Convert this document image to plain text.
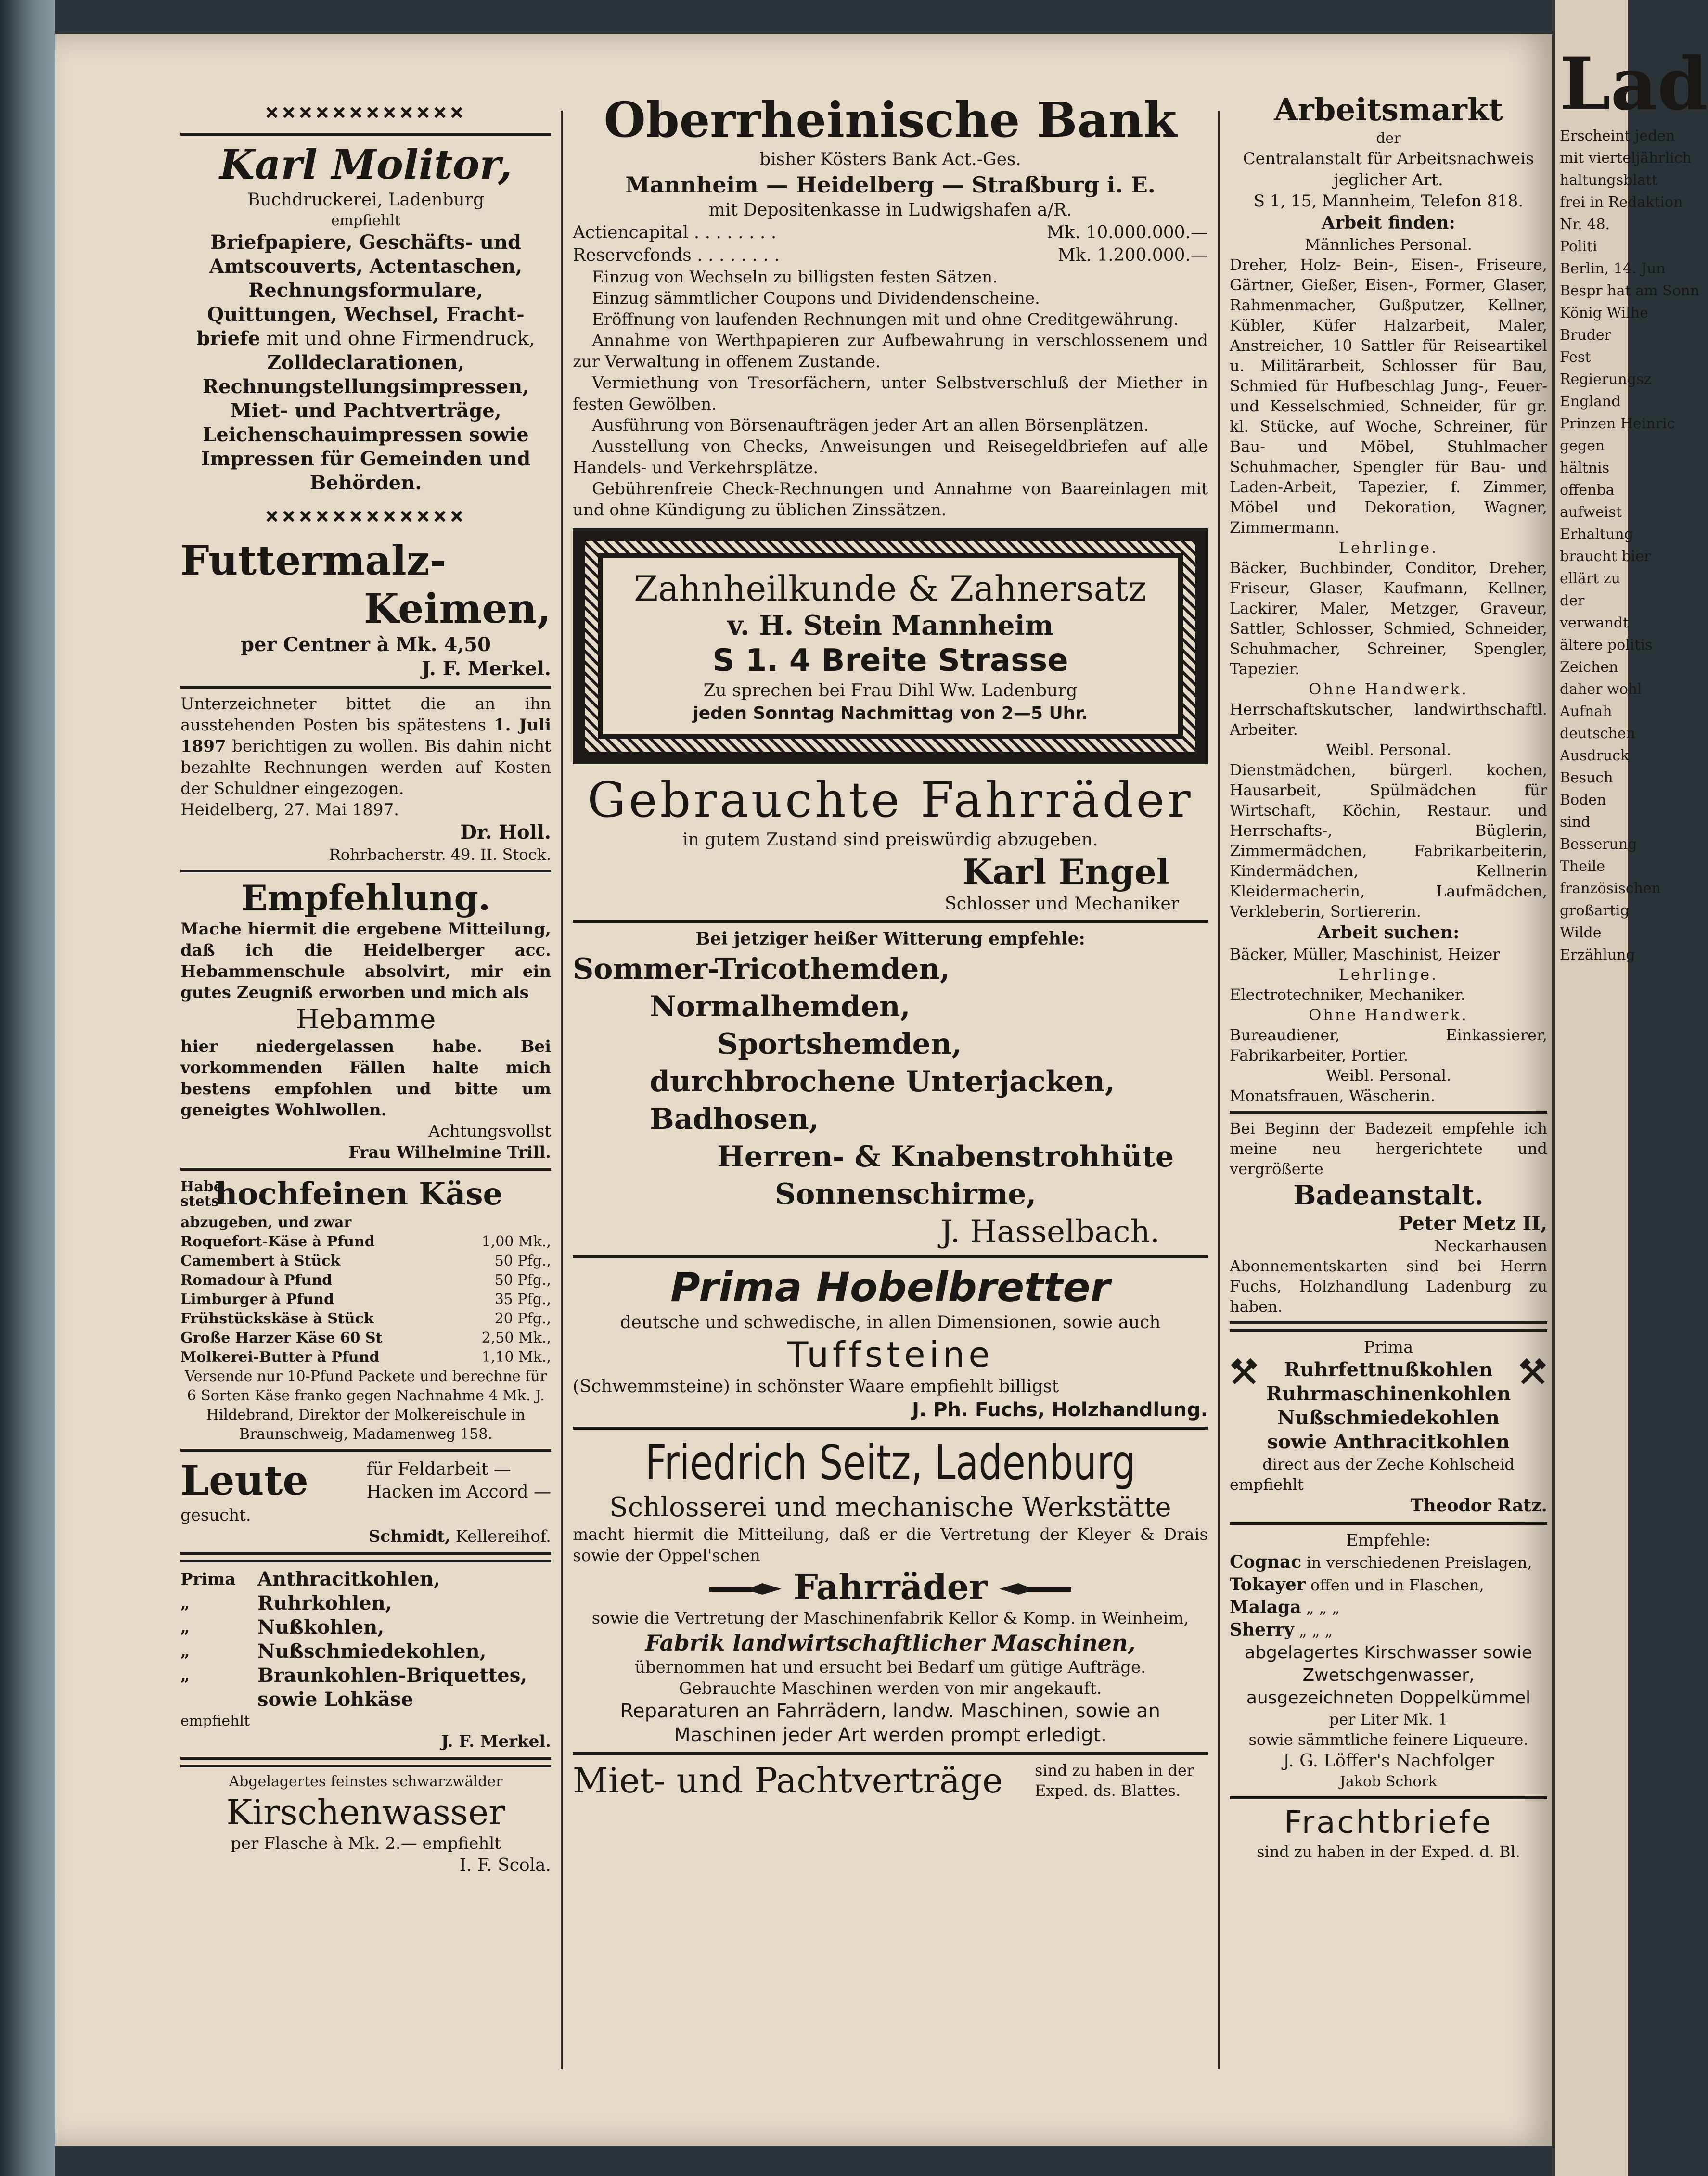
××××××××××××
Karl Molitor,
Buchdruckerei, Ladenburg
empfiehlt
Briefpapiere, Geschäfts- und Amtscouverts, Actentaschen, Rechnungsformulare, Quittungen, Wechsel, Fracht-
briefe mit und ohne Firmendruck,
Zolldeclarationen, Rechnungstellungsimpressen, Miet- und Pachtverträge, Leichenschauimpressen sowie Impressen für Gemeinden und Behörden.
××××××××××××
Futtermalz-
Keimen,
per Centner à Mk. 4,50
J. F. Merkel.
Unterzeichneter bittet die an ihn ausstehenden Posten bis spätestens 1. Juli 1897 berichtigen zu wollen. Bis dahin nicht bezahlte Rechnungen werden auf Kosten der Schuldner eingezogen.
Heidelberg, 27. Mai 1897.
Dr. Holl.
Rohrbacherstr. 49. II. Stock.
Empfehlung.
Mache hiermit die ergebene Mitteilung, daß ich die Heidelberger acc. Hebammenschule absolvirt, mir ein gutes Zeugniß erworben und mich als
Hebamme
hier niedergelassen habe. Bei vorkommenden Fällen halte mich bestens empfohlen und bitte um geneigtes Wohlwollen.
Achtungsvollst
Frau Wilhelmine Trill.
Habe stets
hochfeinen Käse
abzugeben, und zwar
Roquefort-Käse à Pfund	1,00 Mk.,
Camembert à Stück	50 Pfg.,
Romadour à Pfund	50 Pfg.,
Limburger à Pfund	35 Pfg.,
Frühstückskäse à Stück	20 Pfg.,
Große Harzer Käse 60 St	2,50 Mk.,
Molkerei-Butter à Pfund	1,10 Mk.,
Versende nur 10-Pfund Packete und berechne für 6 Sorten Käse franko gegen Nachnahme 4 Mk. J. Hildebrand, Direktor der Molkereischule in Braunschweig, Madamenweg 158.
Leute	für Feldarbeit —
Hacken im Accord —
gesucht.
Schmidt, Kellereihof.
Prima	Anthracitkohlen,
„	Ruhrkohlen,
„	Nußkohlen,
„	Nußschmiedekohlen,
„	Braunkohlen-Briquettes,
sowie Lohkäse
empfiehlt
J. F. Merkel.
Abgelagertes feinstes schwarzwälder
Kirschenwasser
per Flasche à Mk. 2.— empfiehlt
I. F. Scola.
Oberrheinische Bank
bisher Kösters Bank Act.-Ges.
Mannheim — Heidelberg — Straßburg i. E.
mit Depositenkasse in Ludwigshafen a/R.
Actiencapital . . . . . . . .	Mk. 10.000.000.—
Reservefonds . . . . . . . .	Mk. 1.200.000.—
Einzug von Wechseln zu billigsten festen Sätzen.
Einzug sämmtlicher Coupons und Dividendenscheine.
Eröffnung von laufenden Rechnungen mit und ohne Creditgewährung.
Annahme von Werthpapieren zur Aufbewahrung in verschlossenem und zur Verwaltung in offenem Zustande.
Vermiethung von Tresorfächern, unter Selbstverschluß der Miether in festen Gewölben.
Ausführung von Börsenaufträgen jeder Art an allen Börsenplätzen.
Ausstellung von Checks, Anweisungen und Reisegeldbriefen auf alle Handels- und Verkehrsplätze.
Gebührenfreie Check-Rechnungen und Annahme von Baareinlagen mit und ohne Kündigung zu üblichen Zinssätzen.
Zahnheilkunde & Zahnersatz
v. H. Stein Mannheim
S 1. 4 Breite Strasse
Zu sprechen bei Frau Dihl Ww. Ladenburg
jeden Sonntag Nachmittag von 2—5 Uhr.
Gebrauchte Fahrräder
in gutem Zustand sind preiswürdig abzugeben.
Karl Engel
Schlosser und Mechaniker
Bei jetziger heißer Witterung empfehle:
Sommer-Tricothemden,
Normalhemden,
Sportshemden,
durchbrochene Unterjacken,
Badhosen,
Herren- & Knabenstrohhüte
Sonnenschirme,
J. Hasselbach.
Prima Hobelbretter
deutsche und schwedische, in allen Dimensionen, sowie auch
Tuffsteine
(Schwemmsteine) in schönster Waare empfiehlt billigst
J. Ph. Fuchs, Holzhandlung.
Friedrich Seitz, Ladenburg
Schlosserei und mechanische Werkstätte
macht hiermit die Mitteilung, daß er die Vertretung der Kleyer & Drais sowie der Oppel'schen
Fahrräder
sowie die Vertretung der Maschinenfabrik Kellor & Komp. in Weinheim,
Fabrik landwirtschaftlicher Maschinen,
übernommen hat und ersucht bei Bedarf um gütige Aufträge.
Gebrauchte Maschinen werden von mir angekauft.
Reparaturen an Fahrrädern, landw. Maschinen, sowie an Maschinen jeder Art werden prompt erledigt.
Miet- und Pachtverträge sind zu haben in der Exped. ds. Blattes.
Arbeitsmarkt
der
Centralanstalt für Arbeitsnachweis
jeglicher Art.
S 1, 15, Mannheim, Telefon 818.
Arbeit finden:
Männliches Personal.
Dreher, Holz- Bein-, Eisen-, Friseure, Gärtner, Gießer, Eisen-, Former, Glaser, Rahmenmacher, Gußputzer, Kellner, Kübler, Küfer Halzarbeit, Maler, Anstreicher, 10 Sattler für Reiseartikel u. Militärarbeit, Schlosser für Bau, Schmied für Hufbeschlag Jung-, Feuer- und Kesselschmied, Schneider, für gr. kl. Stücke, auf Woche, Schreiner, für Bau- und Möbel, Stuhlmacher Schuhmacher, Spengler für Bau- und Laden-Arbeit, Tapezier, f. Zimmer, Möbel und Dekoration, Wagner, Zimmermann.
Lehrlinge.
Bäcker, Buchbinder, Conditor, Dreher, Friseur, Glaser, Kaufmann, Kellner, Lackirer, Maler, Metzger, Graveur, Sattler, Schlosser, Schmied, Schneider, Schuhmacher, Schreiner, Spengler, Tapezier.
Ohne Handwerk.
Herrschaftskutscher, landwirthschaftl. Arbeiter.
Weibl. Personal.
Dienstmädchen, bürgerl. kochen, Hausarbeit, Spülmädchen für Wirtschaft, Köchin, Restaur. und Herrschafts-, Büglerin, Zimmermädchen, Fabrikarbeiterin, Kindermädchen, Kellnerin Kleidermacherin, Laufmädchen, Verkleberin, Sortiererin.
Arbeit suchen:
Bäcker, Müller, Maschinist, Heizer
Lehrlinge.
Electrotechniker, Mechaniker.
Ohne Handwerk.
Bureaudiener, Einkassierer, Fabrikarbeiter, Portier.
Weibl. Personal.
Monatsfrauen, Wäscherin.
Bei Beginn der Badezeit empfehle ich meine neu hergerichtete und vergrößerte
Badeanstalt.
Peter Metz II,
Neckarhausen
Abonnementskarten sind bei Herrn Fuchs, Holzhandlung Ladenburg zu haben.
Prima
Ruhrfettnußkohlen
Ruhrmaschinenkohlen
Nußschmiedekohlen
sowie Anthracitkohlen
direct aus der Zeche Kohlscheid
empfiehlt
Theodor Ratz.
Empfehle:
Cognac in verschiedenen Preislagen,
Tokayer offen und in Flaschen,
Malaga „ „ „
Sherry „ „ „
abgelagertes Kirschwasser sowie Zwetschgenwasser, ausgezeichneten Doppelkümmel
per Liter Mk. 1
sowie sämmtliche feinere Liqueure.
J. G. Löffer's Nachfolger
Jakob Schork
Frachtbriefe
sind zu haben in der Exped. d. Bl.
Lad
Erscheint jeden
mit vierteljährlich
haltungsblatt
frei in Redaktion
Nr. 48.
Politi
Berlin, 14. Jun
Bespr hat am Sonn
König Wilhe
Bruder
Fest
Regierungsz
England
Prinzen Heinric
gegen
hältnis
offenba
aufweist
Erhaltung
braucht bier
ellärt zu
der
verwandt
ältere politis
Zeichen
daher wohl
Aufnah
deutschen
Ausdruck
Besuch
Boden
sind
Besserung
Theile
französischen
großartig
Wilde
Erzählung
